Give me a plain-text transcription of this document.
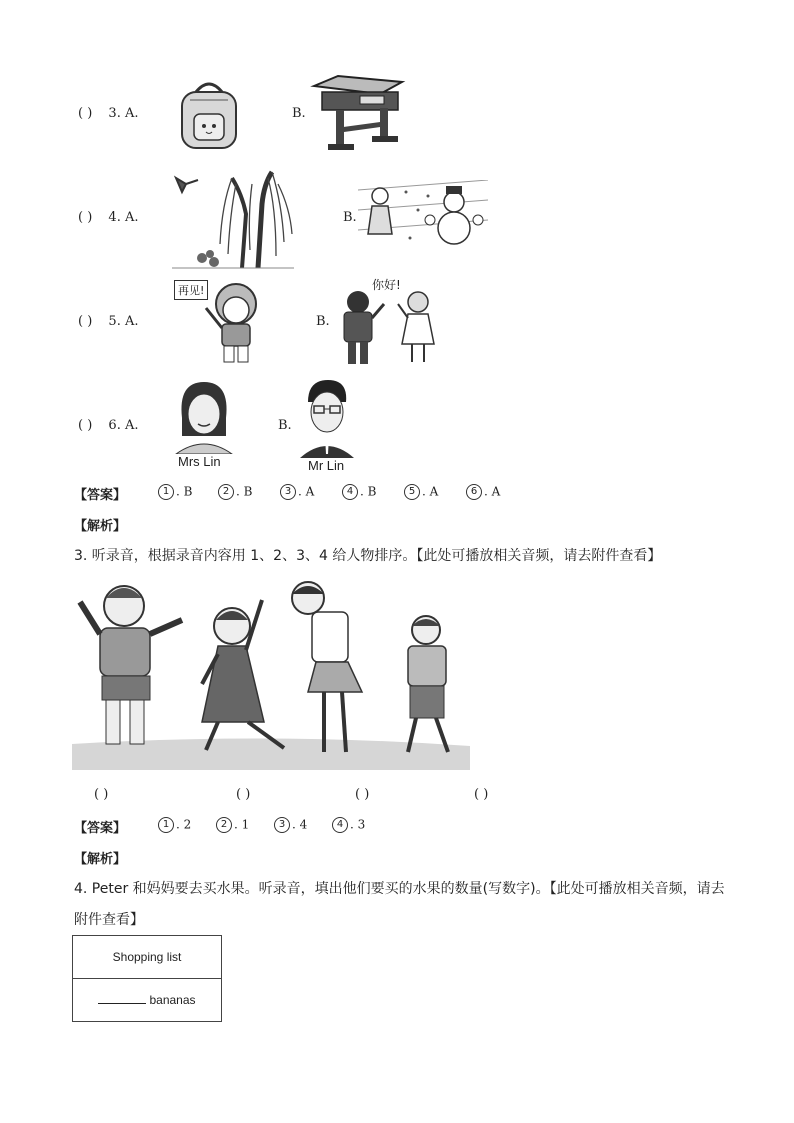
( ) 3. A.	B.
( ) 4. A.	B.
( ) 5. A.
再见!
B.
你好!
( ) 6. A.
Mrs Lin
B.
Mr Lin
【答案】	1 . B	2 . B	3 . A	4 . B	5 . A	6 . A
【解析】
3. 听录音，根据录音内容用 1、2、3、4 给人物排序。【此处可播放相关音频，请去附件查看】
( )	( )	( )	( )
【答案】	1 . 2	2 . 1	3 . 4	4 . 3
【解析】
4. Peter 和妈妈要去买水果。听录音，填出他们要买的水果的数量(写数字)。【此处可播放相关音频，请去
附件查看】
Shopping list
bananas
